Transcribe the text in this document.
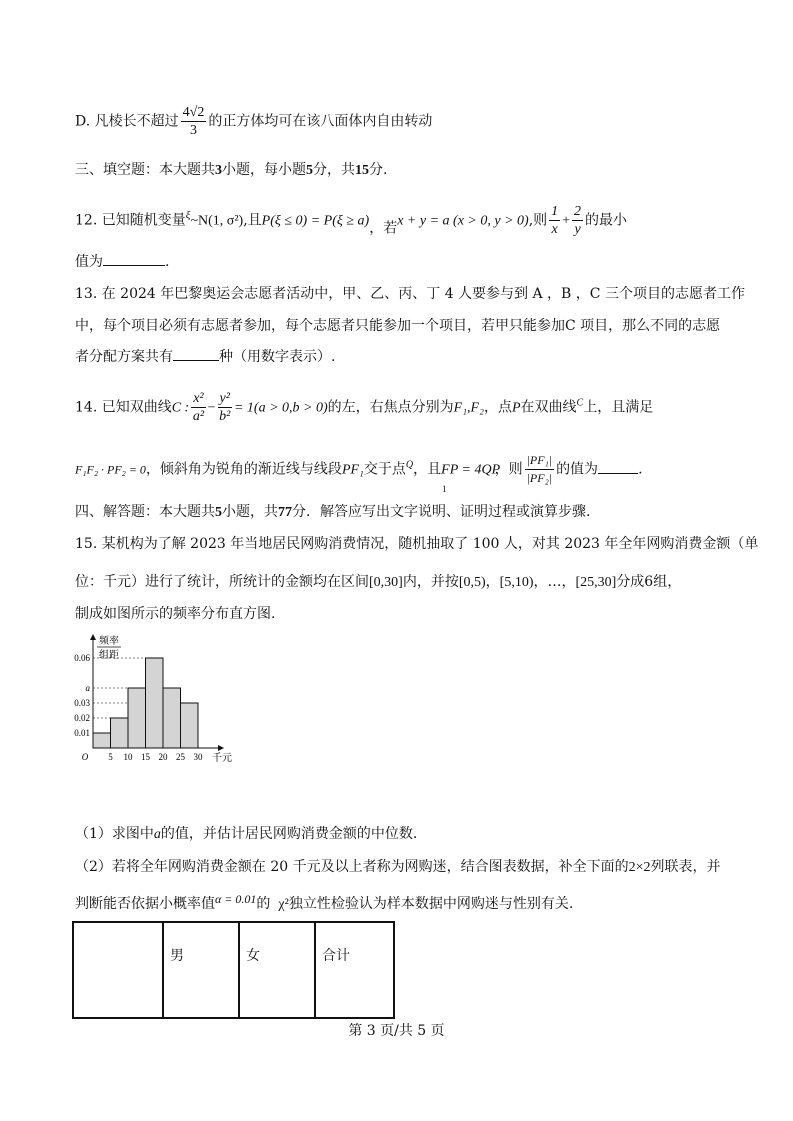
D. 凡棱长不超过 $\frac{4√2}{3}$ 的正方体均可在该八面体内自由转动
三、填空题：本大题共3小题，每小题5分，共15分.
12. 已知随机变量$^\xi$~N(1, σ²),且P(ξ ≤ 0) = P(ξ ≥ a)，若x + y = a (x > 0, y > 0),则 $\frac{1}{x} + \frac{2}{y}$ 的最小
值为	.
13. 在 2024 年巴黎奥运会志愿者活动中，甲、乙、丙、丁 4 人要参与到 A ，B ，C 三个项目的志愿者工作
中，每个项目必须有志愿者参加，每个志愿者只能参加一个项目，若甲只能参加C 项目，那么不同的志愿
者分配方案共有	种（用数字表示）.
14. 已知双曲线C : $\frac{\text{x²}}{\text{a²}} - \frac{\text{y²}}{\text{b²}} = 1(a > 0,b > 0)$的左，右焦点分别为F₁,F₂，点P在双曲线$^C$上，且满足
F₁F₂ · PF₂ = 0，倾斜角为锐角的渐近线与线段PF₁交于点$^Q$，且FP = $4QP_1$，则 $\frac{\text{|PF₁|}}{\text{|PF₂|}}$ 的值为	.
四、解答题：本大题共5小题，共77分．解答应写出文字说明、证明过程或演算步骤.
15. 某机构为了解 2023 年当地居民网购消费情况，随机抽取了 100 人，对其 2023 年全年网购消费金额（单
位：千元）进行了统计，所统计的金额均在区间[0,30]内，并按[0,5)，[5,10)，…，[25,30]分成6组，
制成如图所示的频率分布直方图.
0.06
a
0.03
0.02
0.01
5 10 15 20 25 30
O	千元
频率
组距
（1）求图中a的值，并估计居民网购消费金额的中位数.
（2）若将全年网购消费金额在 20 千元及以上者称为网购迷，结合图表数据，补全下面的2×2列联表，并
判断能否依据小概率值α = 0.01的 χ²独立性检验认为样本数据中网购迷与性别有关.
	男	女	合计
第 3 页/共 5 页
